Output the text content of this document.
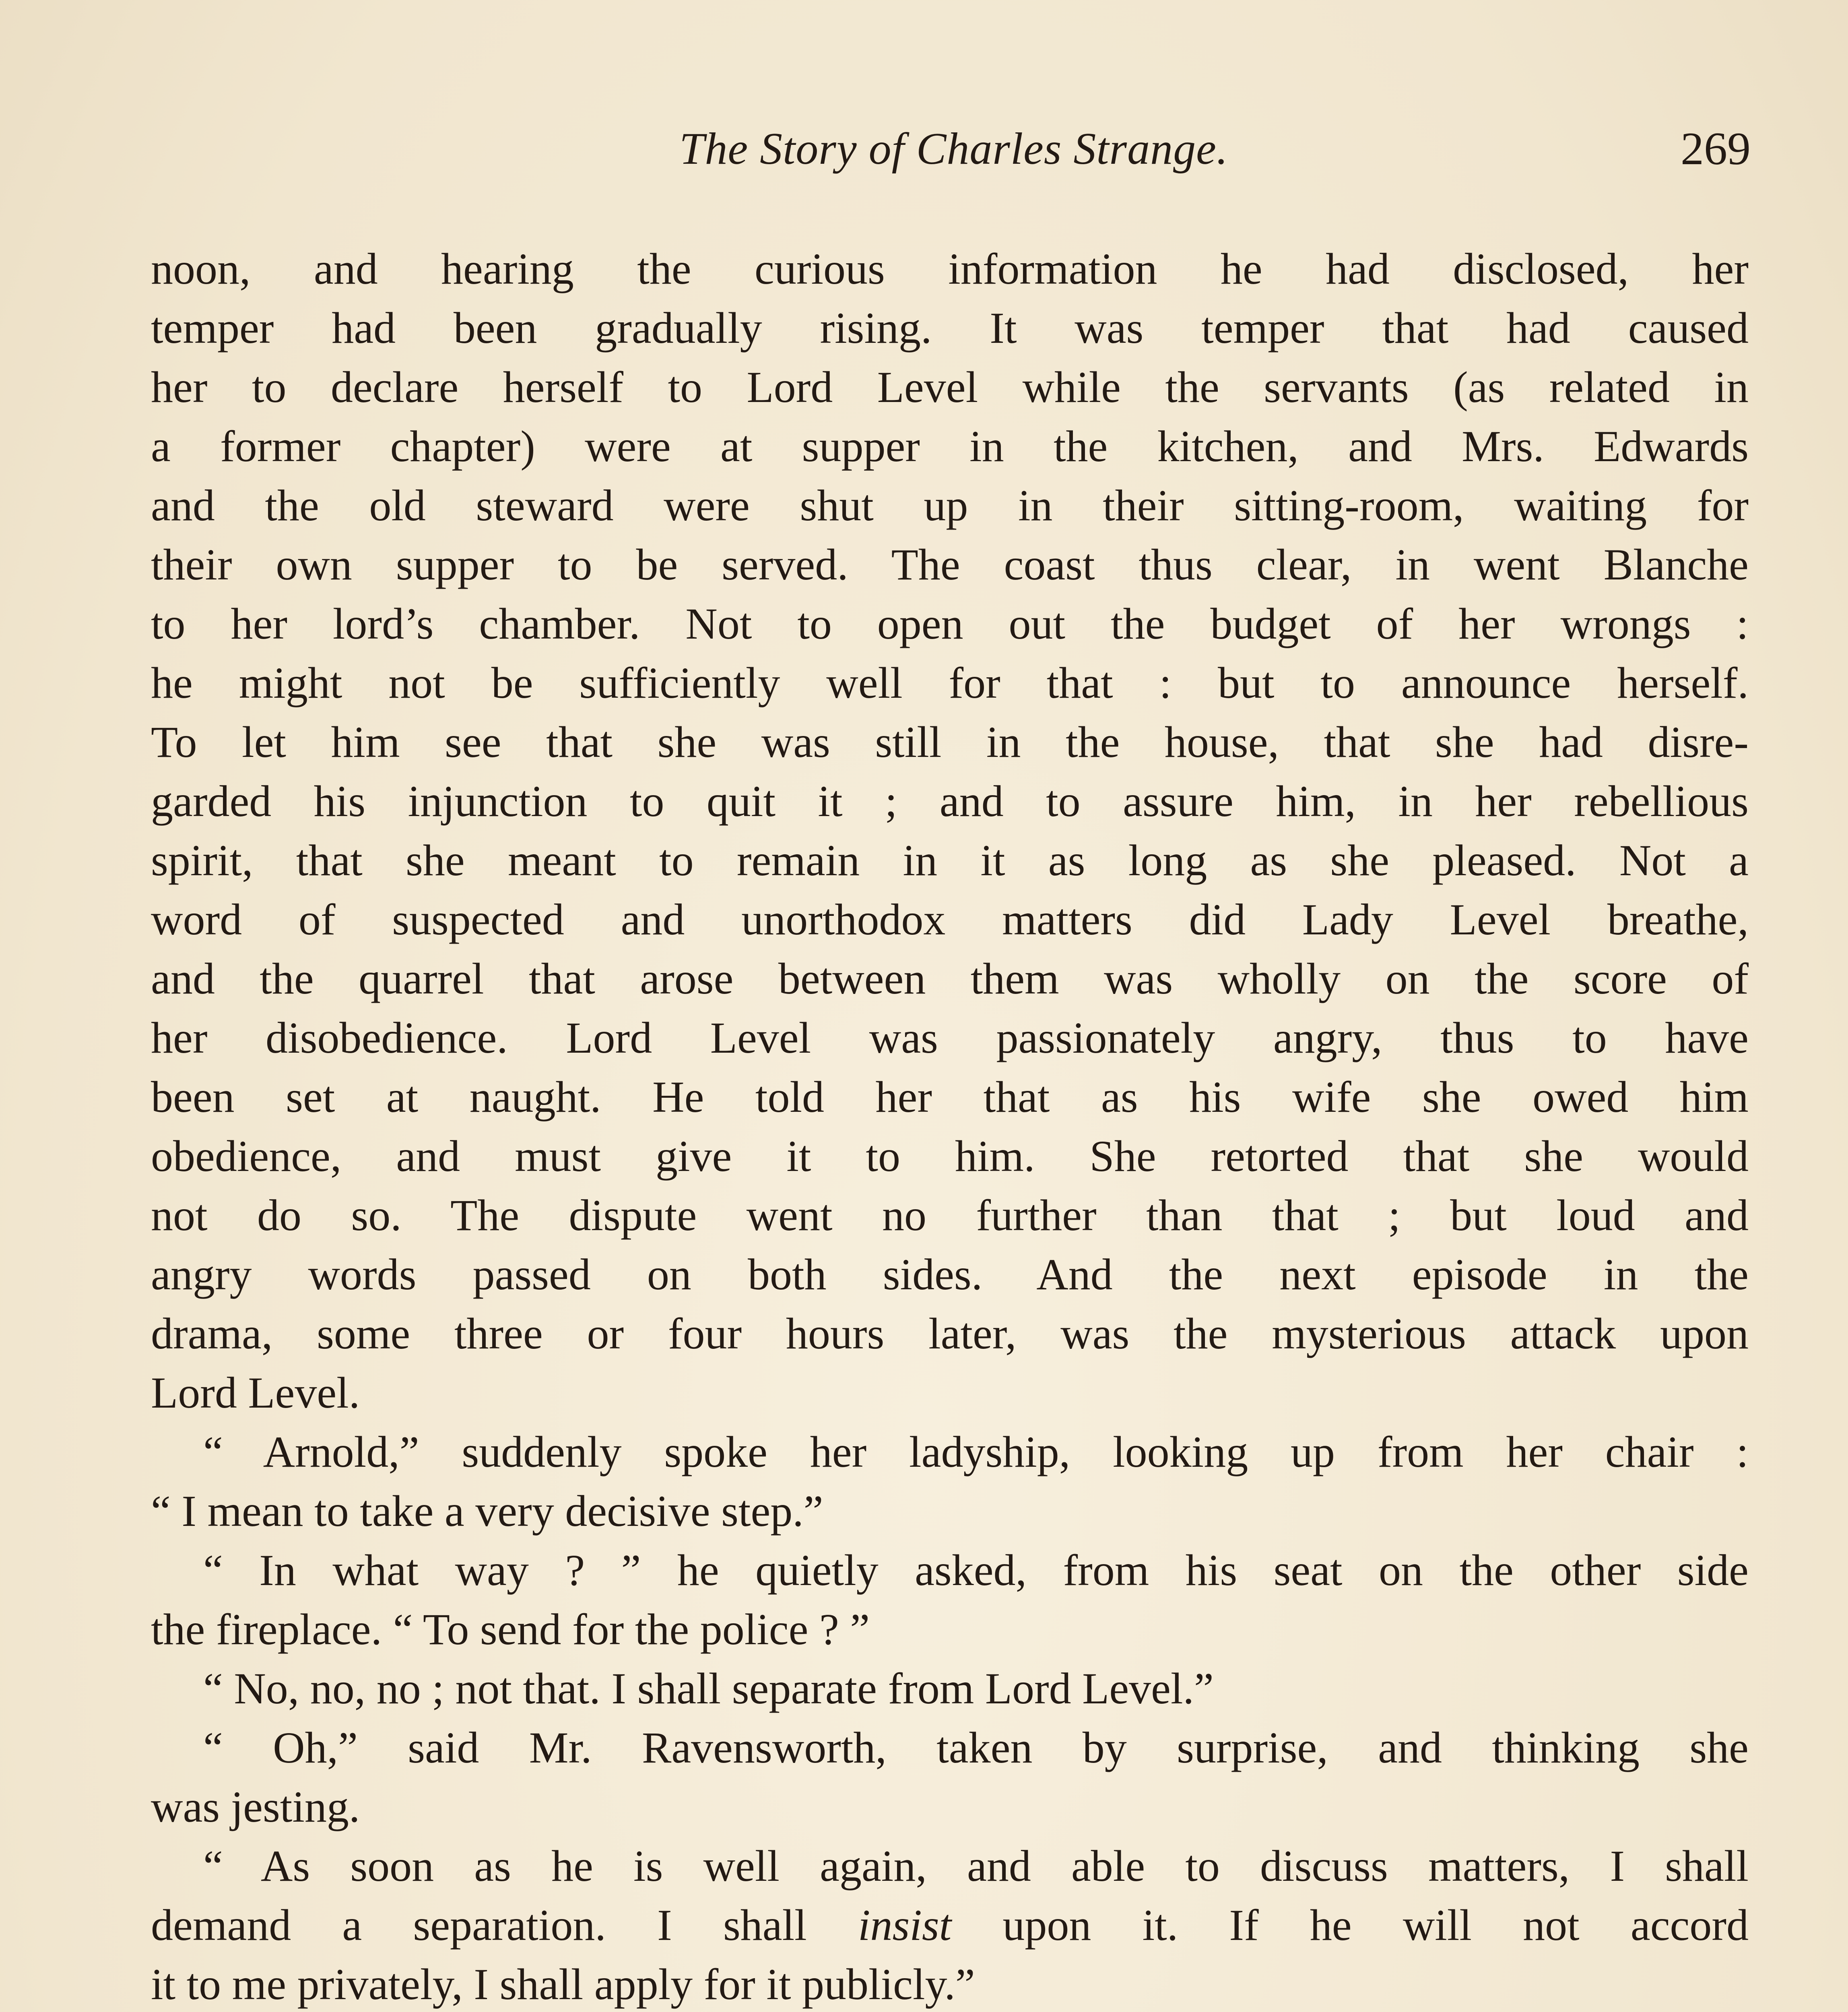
The Story of Charles Strange.	269
noon, and hearing the curious information he had disclosed, her
temper had been gradually rising. It was temper that had caused
her to declare herself to Lord Level while the servants (as related in
a former chapter) were at supper in the kitchen, and Mrs. Edwards
and the old steward were shut up in their sitting-room, waiting for
their own supper to be served. The coast thus clear, in went Blanche
to her lord’s chamber. Not to open out the budget of her wrongs :
he might not be sufficiently well for that : but to announce herself.
To let him see that she was still in the house, that she had disre-
garded his injunction to quit it ; and to assure him, in her rebellious
spirit, that she meant to remain in it as long as she pleased. Not a
word of suspected and unorthodox matters did Lady Level breathe,
and the quarrel that arose between them was wholly on the score of
her disobedience. Lord Level was passionately angry, thus to have
been set at naught. He told her that as his wife she owed him
obedience, and must give it to him. She retorted that she would
not do so. The dispute went no further than that ; but loud and
angry words passed on both sides. And the next episode in the
drama, some three or four hours later, was the mysterious attack upon
Lord Level.
“ Arnold,” suddenly spoke her ladyship, looking up from her chair :
“ I mean to take a very decisive step.”
“ In what way ? ” he quietly asked, from his seat on the other side
the fireplace. “ To send for the police ? ”
“ No, no, no ; not that. I shall separate from Lord Level.”
“ Oh,” said Mr. Ravensworth, taken by surprise, and thinking she
was jesting.
“ As soon as he is well again, and able to discuss matters, I shall
demand a separation. I shall insist upon it. If he will not accord
it to me privately, I shall apply for it publicly.”
